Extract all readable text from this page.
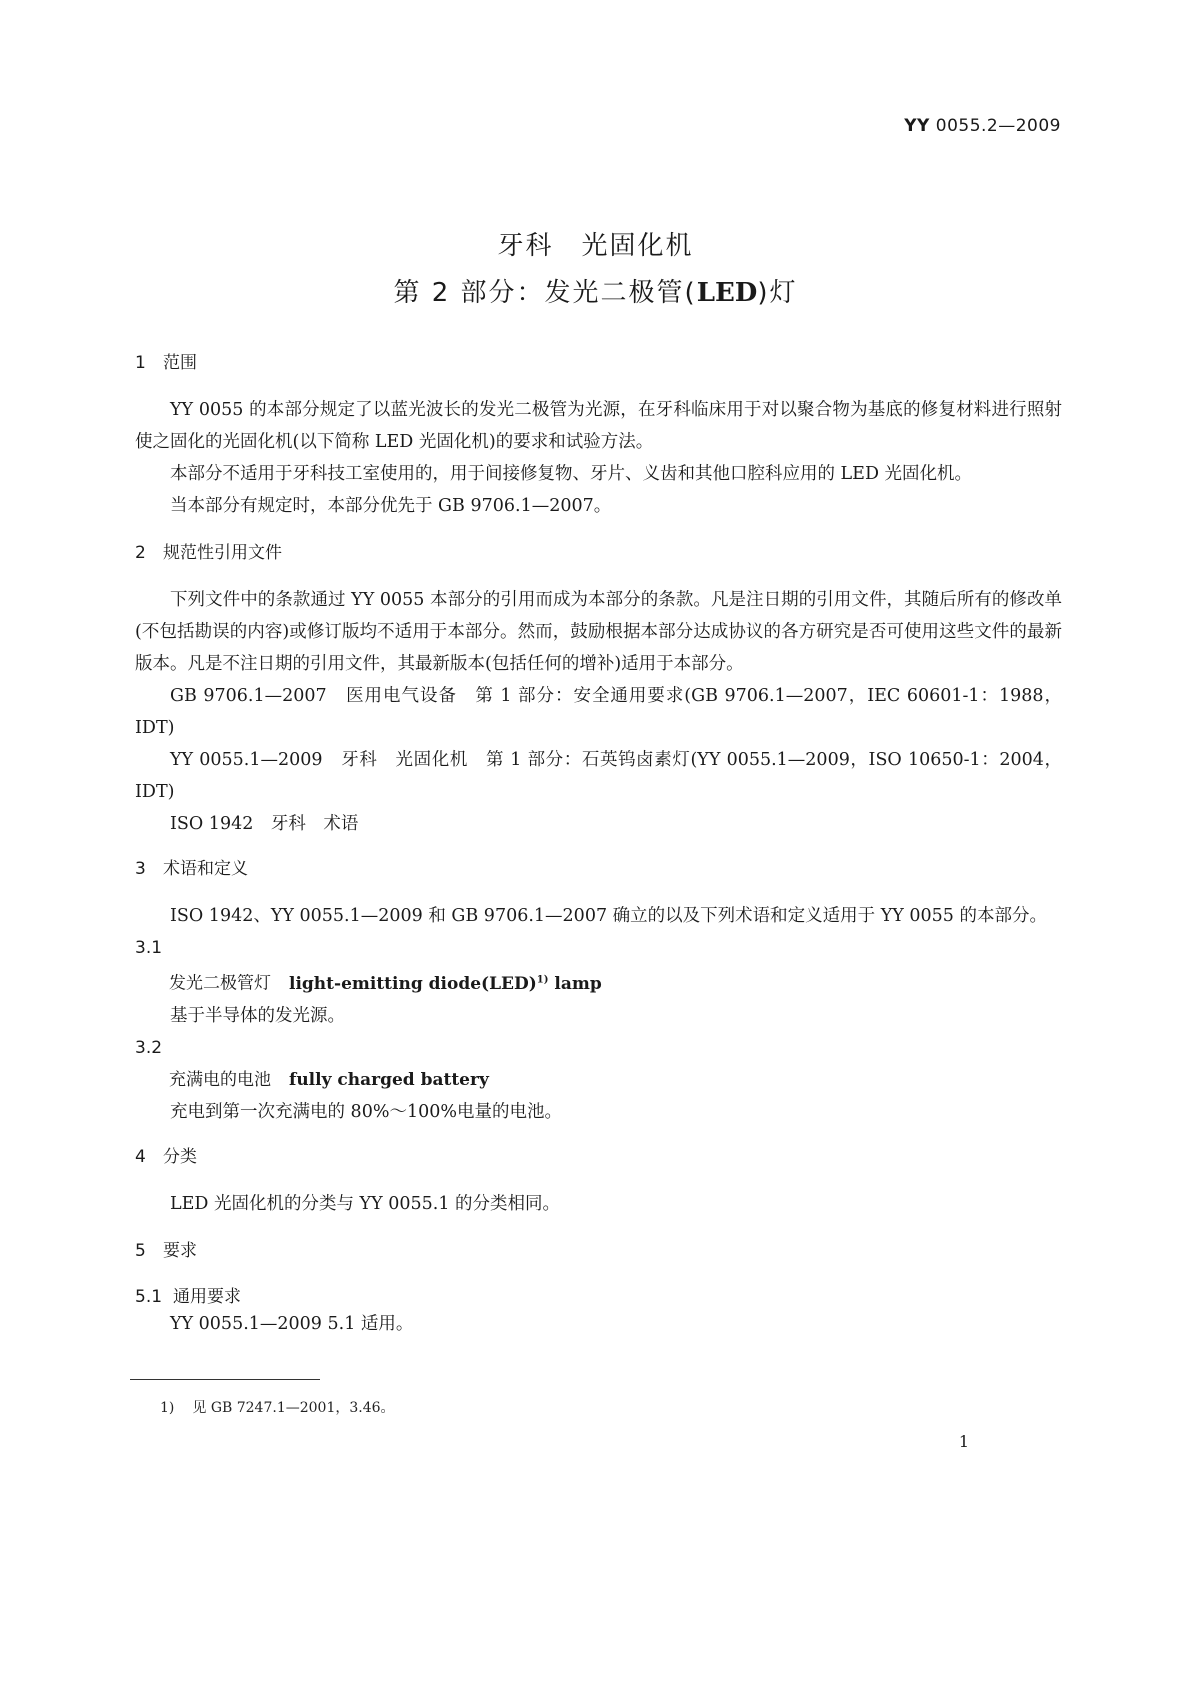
YY 0055.2—2009
牙科　光固化机
第 2 部分：发光二极管(LED)灯
1	范围

YY 0055 的本部分规定了以蓝光波长的发光二极管为光源，在牙科临床用于对以聚合物为基底的修复材料进行照射使之固化的光固化机(以下简称 LED 光固化机)的要求和试验方法。

本部分不适用于牙科技工室使用的，用于间接修复物、牙片、义齿和其他口腔科应用的 LED 光固化机。

当本部分有规定时，本部分优先于 GB 9706.1—2007。

2	规范性引用文件

下列文件中的条款通过 YY 0055 本部分的引用而成为本部分的条款。凡是注日期的引用文件，其随后所有的修改单(不包括勘误的内容)或修订版均不适用于本部分。然而，鼓励根据本部分达成协议的各方研究是否可使用这些文件的最新版本。凡是不注日期的引用文件，其最新版本(包括任何的增补)适用于本部分。

GB 9706.1—2007　医用电气设备　第 1 部分：安全通用要求(GB 9706.1—2007，IEC 60601-1：1988，IDT)

YY 0055.1—2009　牙科　光固化机　第 1 部分：石英钨卤素灯(YY 0055.1—2009，ISO 10650-1：2004，IDT)

ISO 1942　牙科　术语

3	术语和定义

ISO 1942、YY 0055.1—2009 和 GB 9706.1—2007 确立的以及下列术语和定义适用于 YY 0055 的本部分。

3.1
发光二极管灯 light-emitting diode(LED)$^{1)}$ lamp

基于半导体的发光源。

3.2
充满电的电池 fully charged battery

充电到第一次充满电的 80%～100%电量的电池。

4	分类

LED 光固化机的分类与 YY 0055.1 的分类相同。

5	要求
5.1 通用要求

YY 0055.1—2009 5.1 适用。

1) 见 GB 7247.1—2001，3.46。
1
